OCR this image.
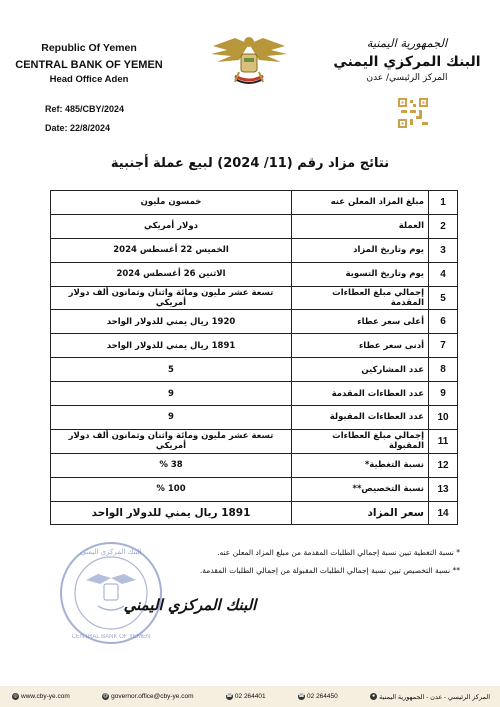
Republic Of Yemen
CENTRAL BANK OF YEMEN
Head Office Aden
Ref: 485/CBY/2024
Date: 22/8/2024
الجمهورية اليمنية
البنك المركزي اليمني
المركز الرئيسي/ عدن
نتائج مزاد رقم (11/ 2024) لبيع عملة أجنبية
1	مبلغ المزاد المعلن عنه	خمسون مليون
2	العملة	دولار أمريكي
3	يوم وتاريخ المزاد	الخميس 22 أغسطس 2024
4	يوم وتاريخ التسوية	الاثنين 26 أغسطس 2024
5	إجمالي مبلغ العطاءات المقدمة	تسعة عشر مليون ومائة واثنان وثمانون ألف دولار أمريكي
6	أعلى سعر عطاء	1920 ريال يمني للدولار الواحد
7	أدنى سعر عطاء	1891 ريال يمني للدولار الواحد
8	عدد المشاركين	5
9	عدد العطاءات المقدمة	9
10	عدد العطاءات المقبولة	9
11	إجمالي مبلغ العطاءات المقبولة	تسعة عشر مليون ومائة واثنان وثمانون ألف دولار أمريكي
12	نسبة التغطية*	38 %
13	نسبة التخصيص**	100 %
14	سعر المزاد	1891 ريال يمني للدولار الواحد
* نسبة التغطية تبين نسبة إجمالي الطلبات المقدمة من مبلغ المزاد المعلن عنه.
** نسبة التخصيص تبين نسبة إجمالي الطلبات المقبولة من إجمالي الطلبات المقدمة.
البنك المركزي اليمني
CENTRAL BANK OF YEMEN
البنك المركزي اليمني
◎ www.cby-ye.com	@ governor.office@cby-ye.com	☎ 02 264401	☎ 02 264450	المركز الرئيسي - عدن - الجمهورية اليمنية●
